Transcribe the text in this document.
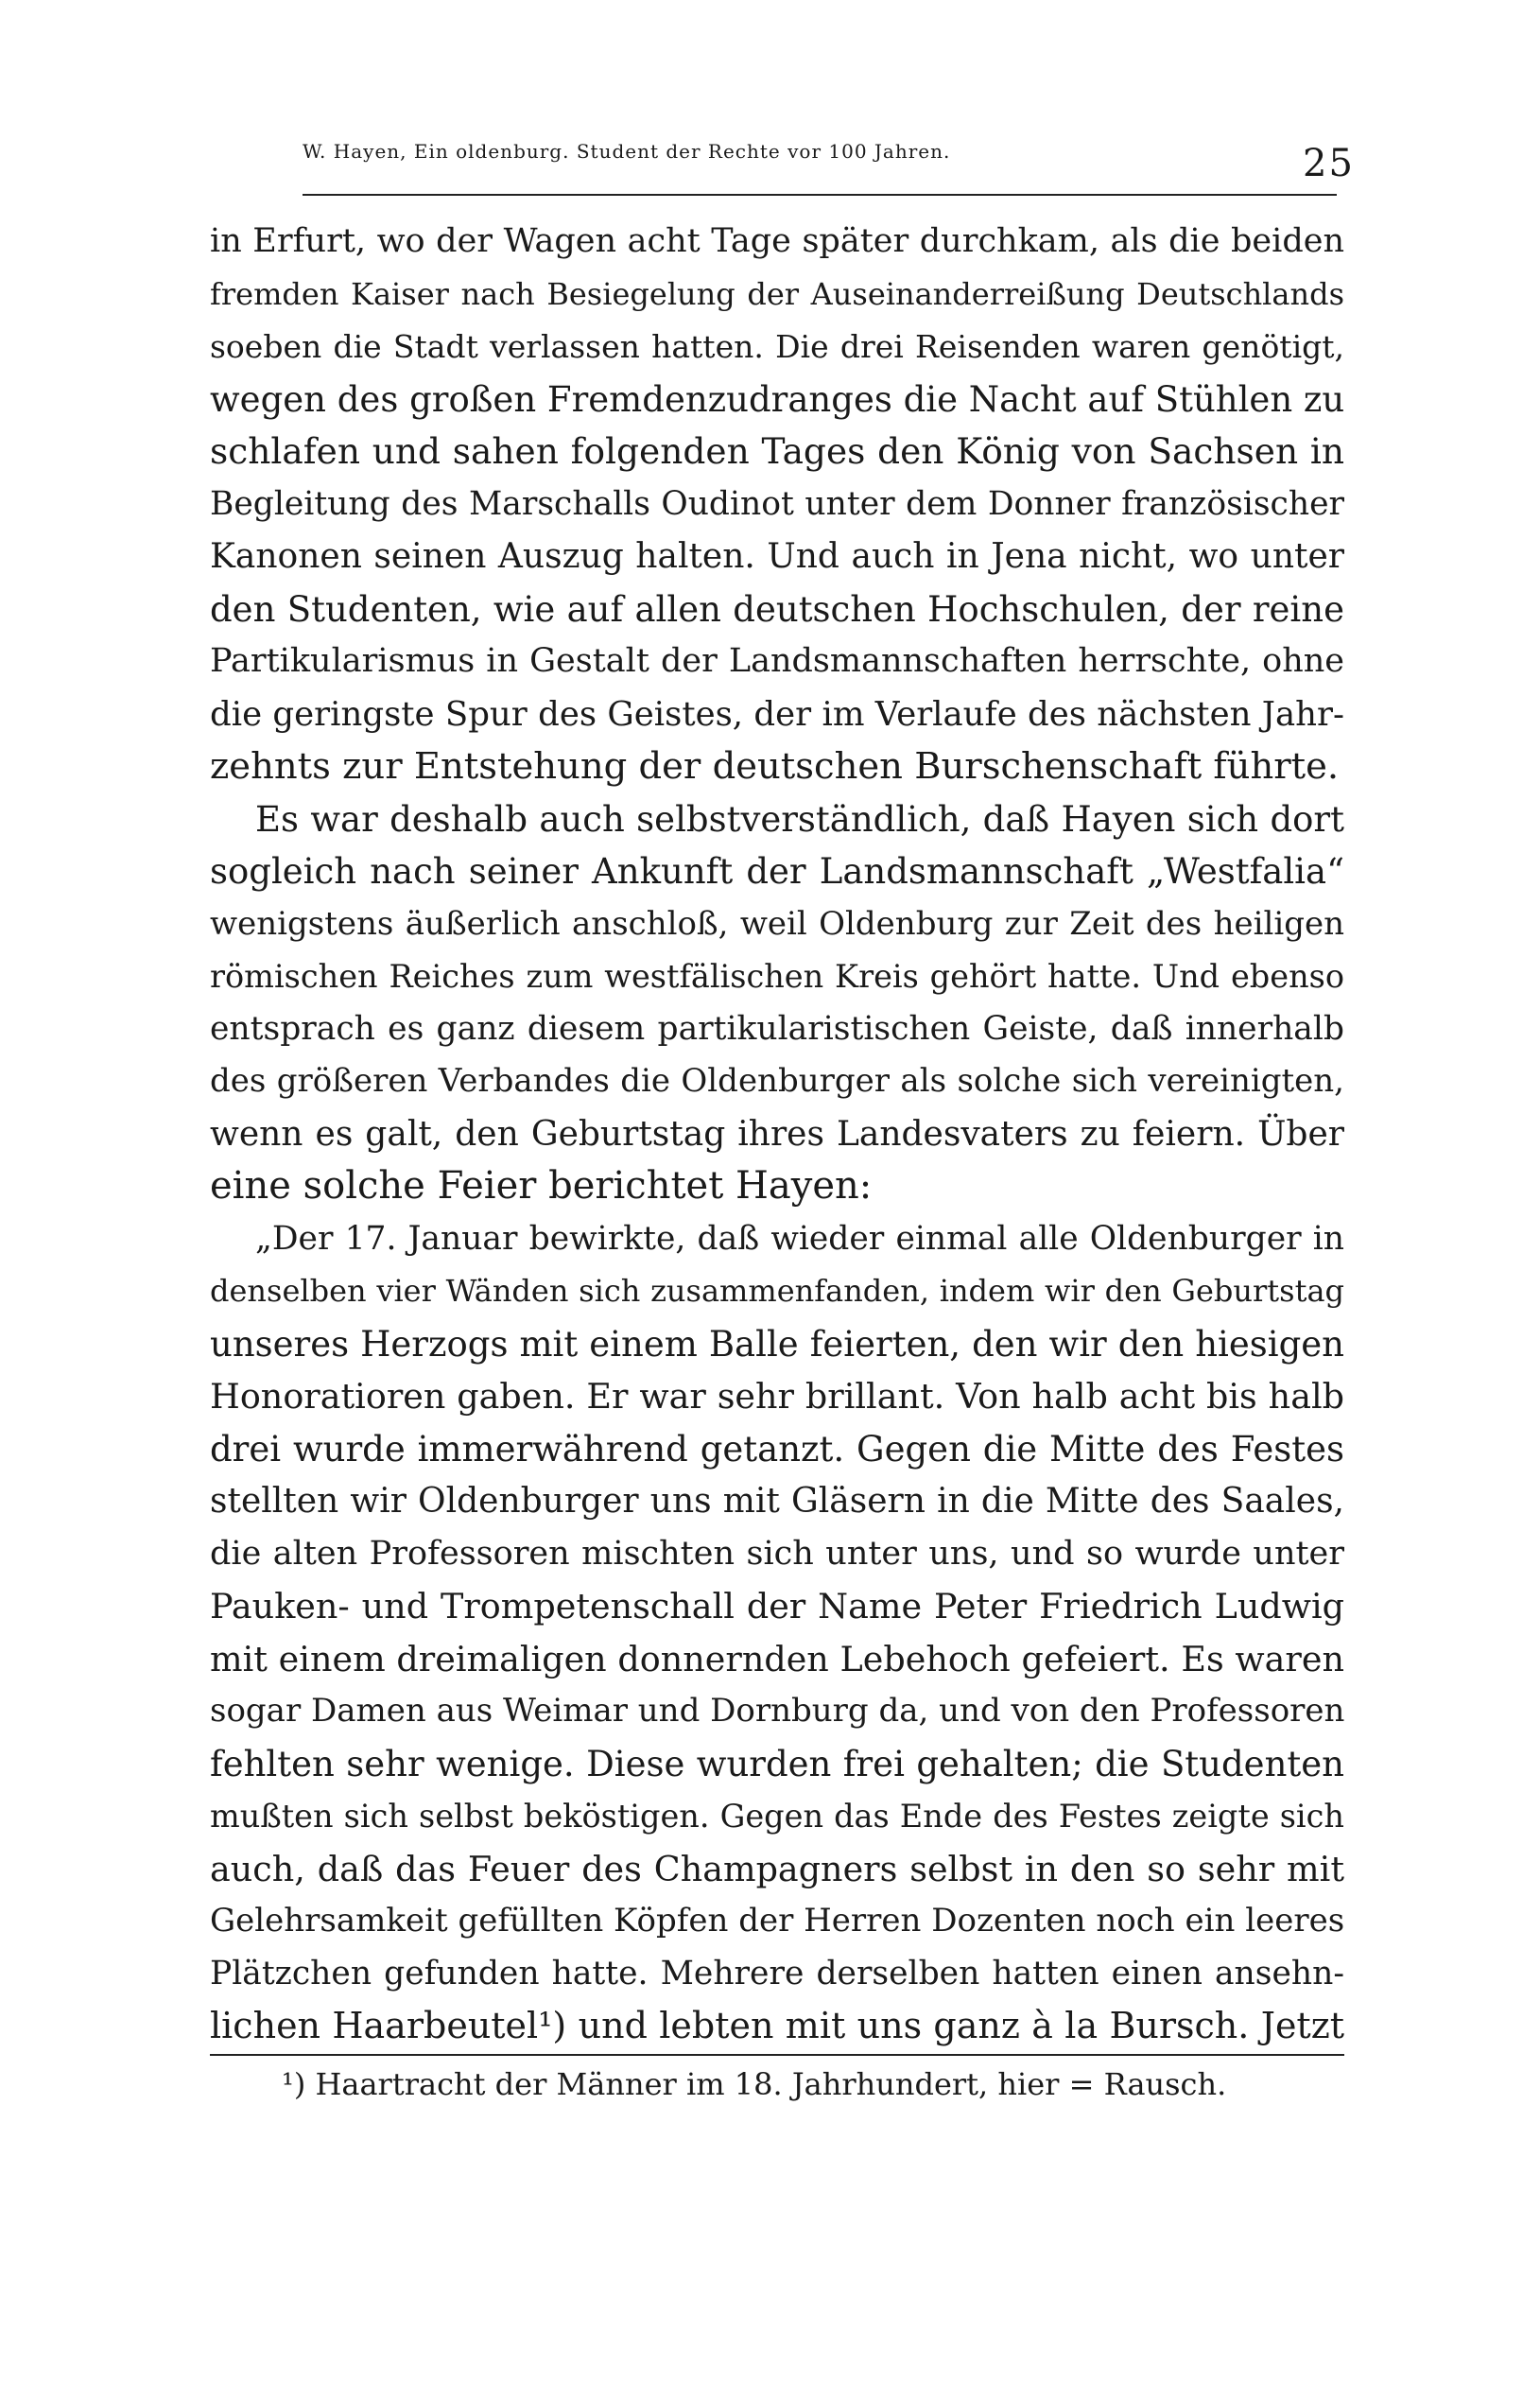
W. Hayen, Ein oldenburg. Student der Rechte vor 100 Jahren.	25
in Erfurt, wo der Wagen acht Tage später durchkam, als die beiden
fremden Kaiser nach Besiegelung der Auseinanderreißung Deutschlands
soeben die Stadt verlassen hatten. Die drei Reisenden waren genötigt,
wegen des großen Fremdenzudranges die Nacht auf Stühlen zu
schlafen und sahen folgenden Tages den König von Sachsen in
Begleitung des Marschalls Oudinot unter dem Donner französischer
Kanonen seinen Auszug halten. Und auch in Jena nicht, wo unter
den Studenten, wie auf allen deutschen Hochschulen, der reine
Partikularismus in Gestalt der Landsmannschaften herrschte, ohne
die geringste Spur des Geistes, der im Verlaufe des nächsten Jahr-
zehnts zur Entstehung der deutschen Burschenschaft führte.
Es war deshalb auch selbstverständlich, daß Hayen sich dort
sogleich nach seiner Ankunft der Landsmannschaft „Westfalia“
wenigstens äußerlich anschloß, weil Oldenburg zur Zeit des heiligen
römischen Reiches zum westfälischen Kreis gehört hatte. Und ebenso
entsprach es ganz diesem partikularistischen Geiste, daß innerhalb
des größeren Verbandes die Oldenburger als solche sich vereinigten,
wenn es galt, den Geburtstag ihres Landesvaters zu feiern. Über
eine solche Feier berichtet Hayen:
„Der 17. Januar bewirkte, daß wieder einmal alle Oldenburger in
denselben vier Wänden sich zusammenfanden, indem wir den Geburtstag
unseres Herzogs mit einem Balle feierten, den wir den hiesigen
Honoratioren gaben. Er war sehr brillant. Von halb acht bis halb
drei wurde immerwährend getanzt. Gegen die Mitte des Festes
stellten wir Oldenburger uns mit Gläsern in die Mitte des Saales,
die alten Professoren mischten sich unter uns, und so wurde unter
Pauken- und Trompetenschall der Name Peter Friedrich Ludwig
mit einem dreimaligen donnernden Lebehoch gefeiert. Es waren
sogar Damen aus Weimar und Dornburg da, und von den Professoren
fehlten sehr wenige. Diese wurden frei gehalten; die Studenten
mußten sich selbst beköstigen. Gegen das Ende des Festes zeigte sich
auch, daß das Feuer des Champagners selbst in den so sehr mit
Gelehrsamkeit gefüllten Köpfen der Herren Dozenten noch ein leeres
Plätzchen gefunden hatte. Mehrere derselben hatten einen ansehn-
lichen Haarbeutel¹) und lebten mit uns ganz à la Bursch. Jetzt
¹) Haartracht der Männer im 18. Jahrhundert, hier = Rausch.
